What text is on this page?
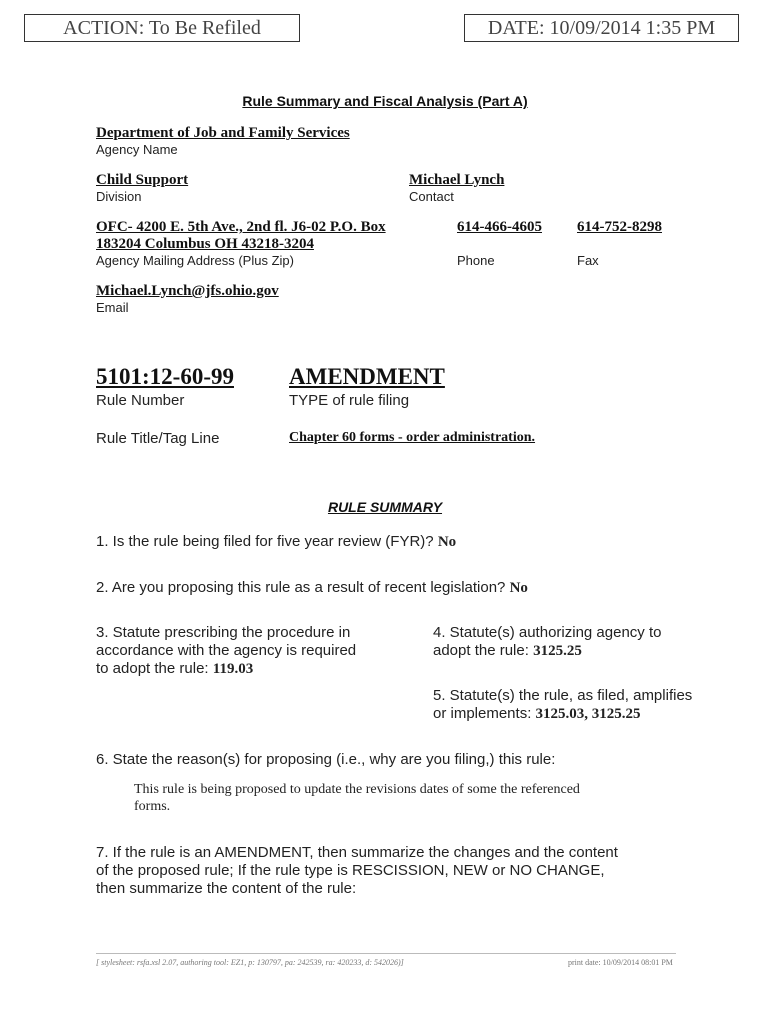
ACTION: To Be Refiled	DATE: 10/09/2014 1:35 PM
Rule Summary and Fiscal Analysis (Part A)
Department of Job and Family Services
Agency Name
Child Support
Division
Michael Lynch
Contact
OFC- 4200 E. 5th Ave., 2nd fl. J6-02 P.O. Box
183204 Columbus OH 43218-3204
Agency Mailing Address (Plus Zip)
614-466-4605
Phone
614-752-8298
Fax
Michael.Lynch@jfs.ohio.gov
Email
5101:12-60-99
Rule Number
AMENDMENT
TYPE of rule filing
Rule Title/Tag Line	Chapter 60 forms - order administration.
RULE SUMMARY
1. Is the rule being filed for five year review (FYR)? No
2. Are you proposing this rule as a result of recent legislation? No
3. Statute prescribing the procedure in
accordance with the agency is required
to adopt the rule: 119.03
4. Statute(s) authorizing agency to
adopt the rule: 3125.25
5. Statute(s) the rule, as filed, amplifies
or implements: 3125.03, 3125.25
6. State the reason(s) for proposing (i.e., why are you filing,) this rule:
This rule is being proposed to update the revisions dates of some the referenced
forms.
7. If the rule is an AMENDMENT, then summarize the changes and the content
of the proposed rule; If the rule type is RESCISSION, NEW or NO CHANGE,
then summarize the content of the rule:
[ stylesheet: rsfa.xsl 2.07, authoring tool: EZ1, p: 130797, pa: 242539, ra: 420233, d: 542026)]	print date: 10/09/2014 08:01 PM
